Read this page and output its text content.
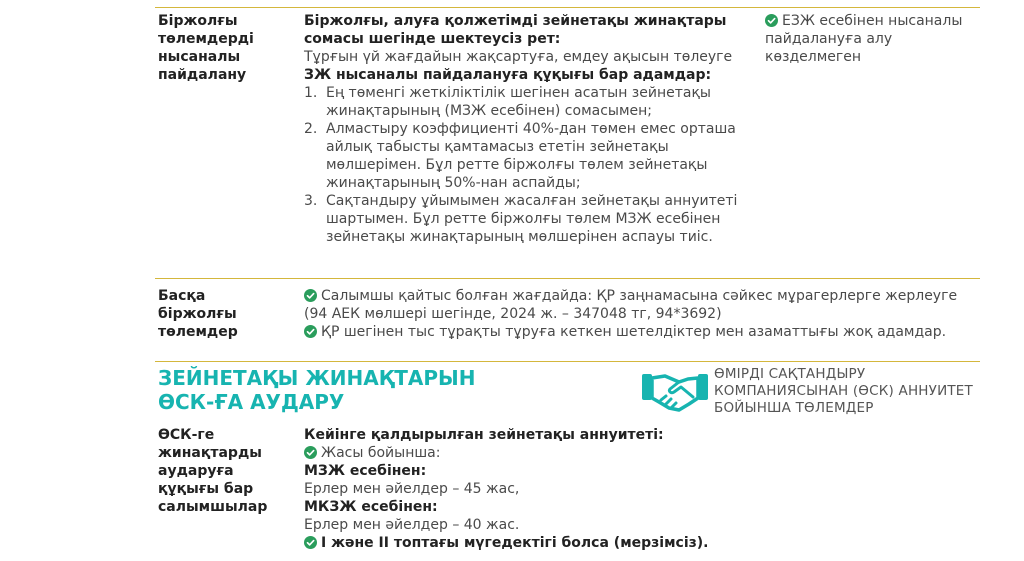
Біржолғы төлемдерді нысаналы пайдалану
Біржолғы, алуға қолжетімді зейнетақы жинақтары сомасы шегінде шектеусіз рет:
Тұрғын үй жағдайын жақсартуға, емдеу ақысын төлеуге
ЗЖ нысаналы пайдалануға құқығы бар адамдар:
1. Ең төменгі жеткіліктілік шегінен асатын зейнетақы жинақтарының (МЗЖ есебінен) сомасымен;
2. Алмастыру коэффициенті 40%-дан төмен емес орташа айлық табысты қамтамасыз ететін зейнетақы мөлшерімен. Бұл ретте біржолғы төлем зейнетақы жинақтарының 50%-нан аспайды;
3. Сақтандыру ұйымымен жасалған зейнетақы аннуитеті шартымен. Бұл ретте біржолғы төлем МЗЖ есебінен зейнетақы жинақтарының мөлшерінен аспауы тиіс.
ЕЗЖ есебінен нысаналы пайдалануға алу көзделмеген
Басқа біржолғы төлемдер
Салымшы қайтыс болған жағдайда: ҚР заңнамасына сәйкес мұрагерлерге жерлеуге (94 АЕК мөлшері шегінде, 2024 ж. – 347048 тг, 94*3692)
ҚР шегінен тыс тұрақты тұруға кеткен шетелдіктер мен азаматтығы жоқ адамдар.
ЗЕЙНЕТАҚЫ ЖИНАҚТАРЫН ӨСК-ҒА АУДАРУ
ӨМІРДІ САҚТАНДЫРУ КОМПАНИЯСЫНАН (ӨСК) АННУИТЕТ БОЙЫНША ТӨЛЕМДЕР
ӨСК-ге жинақтарды аударуға құқығы бар салымшылар
Кейінге қалдырылған зейнетақы аннуитеті:
Жасы бойынша:
МЗЖ есебінен:
Ерлер мен әйелдер – 45 жас,
МКЗЖ есебінен:
Ерлер мен әйелдер – 40 жас.
І және ІІ топтағы мүгедектігі болса (мерзімсіз).
